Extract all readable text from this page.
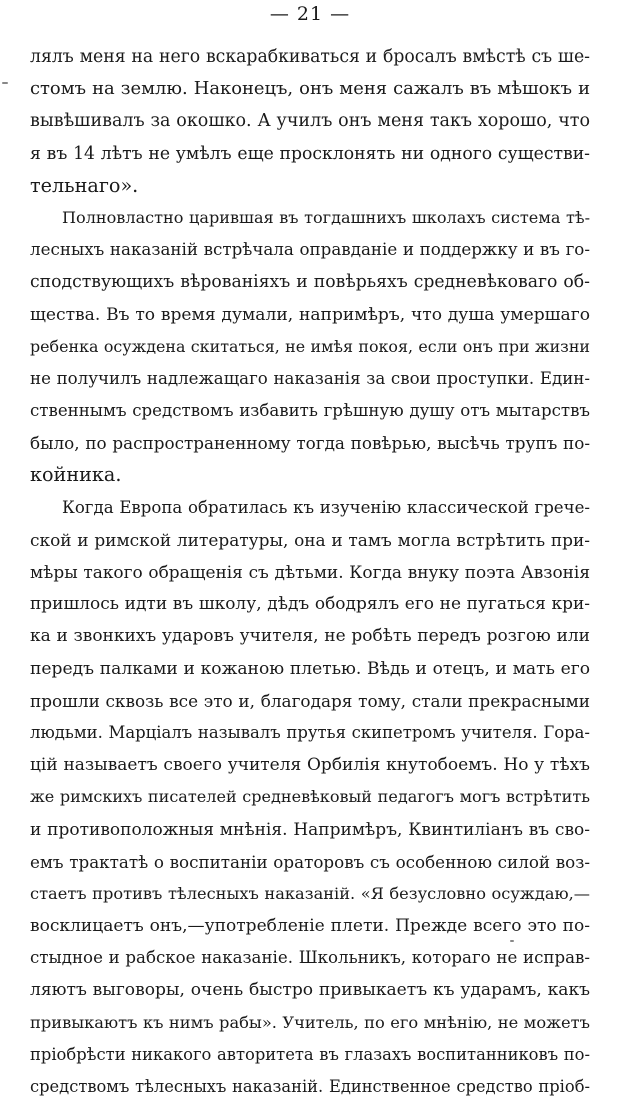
— 21 —
лялъ меня на него вскарабкиваться и бросалъ вмѣстѣ съ ше-
стомъ на землю. Наконецъ, онъ меня сажалъ въ мѣшокъ и
вывѣшивалъ за окошко. А училъ онъ меня такъ хорошо, что
я въ 14 лѣтъ не умѣлъ еще просклонять ни одного существи-
тельнаго».
Полновластно царившая въ тогдашнихъ школахъ система тѣ-
лесныхъ наказаній встрѣчала оправданіе и поддержку и въ го-
сподствующихъ вѣрованіяхъ и повѣрьяхъ средневѣковаго об-
щества. Въ то время думали, напримѣръ, что душа умершаго
ребенка осуждена скитаться, не имѣя покоя, если онъ при жизни
не получилъ надлежащаго наказанія за свои проступки. Един-
ственнымъ средствомъ избавить грѣшную душу отъ мытарствъ
было, по распространенному тогда повѣрью, высѣчь трупъ по-
койника.
Когда Европа обратилась къ изученію классической грече-
ской и римской литературы, она и тамъ могла встрѣтить при-
мѣры такого обращенія съ дѣтьми. Когда внуку поэта Авзонія
пришлось идти въ школу, дѣдъ ободрялъ его не пугаться кри-
ка и звонкихъ ударовъ учителя, не робѣть передъ розгою или
передъ палками и кожаною плетью. Вѣдь и отецъ, и мать его
прошли сквозь все это и, благодаря тому, стали прекрасными
людьми. Марціалъ называлъ прутья скипетромъ учителя. Гора-
цій называетъ своего учителя Орбилія кнутобоемъ. Но у тѣхъ
же римскихъ писателей средневѣковый педагогъ могъ встрѣтить
и противоположныя мнѣнія. Напримѣръ, Квинтиліанъ въ сво-
емъ трактатѣ о воспитаніи ораторовъ съ особенною силой воз-
стаетъ противъ тѣлесныхъ наказаній. «Я безусловно осуждаю,—
восклицаетъ онъ,—употребленіе плети. Прежде всего это по-
стыдное и рабское наказаніе. Школьникъ, котораго не исправ-
ляютъ выговоры, очень быстро привыкаетъ къ ударамъ, какъ
привыкаютъ къ нимъ рабы». Учитель, по его мнѣнію, не можетъ
пріобрѣсти никакого авторитета въ глазахъ воспитанниковъ по-
средствомъ тѣлесныхъ наказаній. Единственное средство пріоб-
